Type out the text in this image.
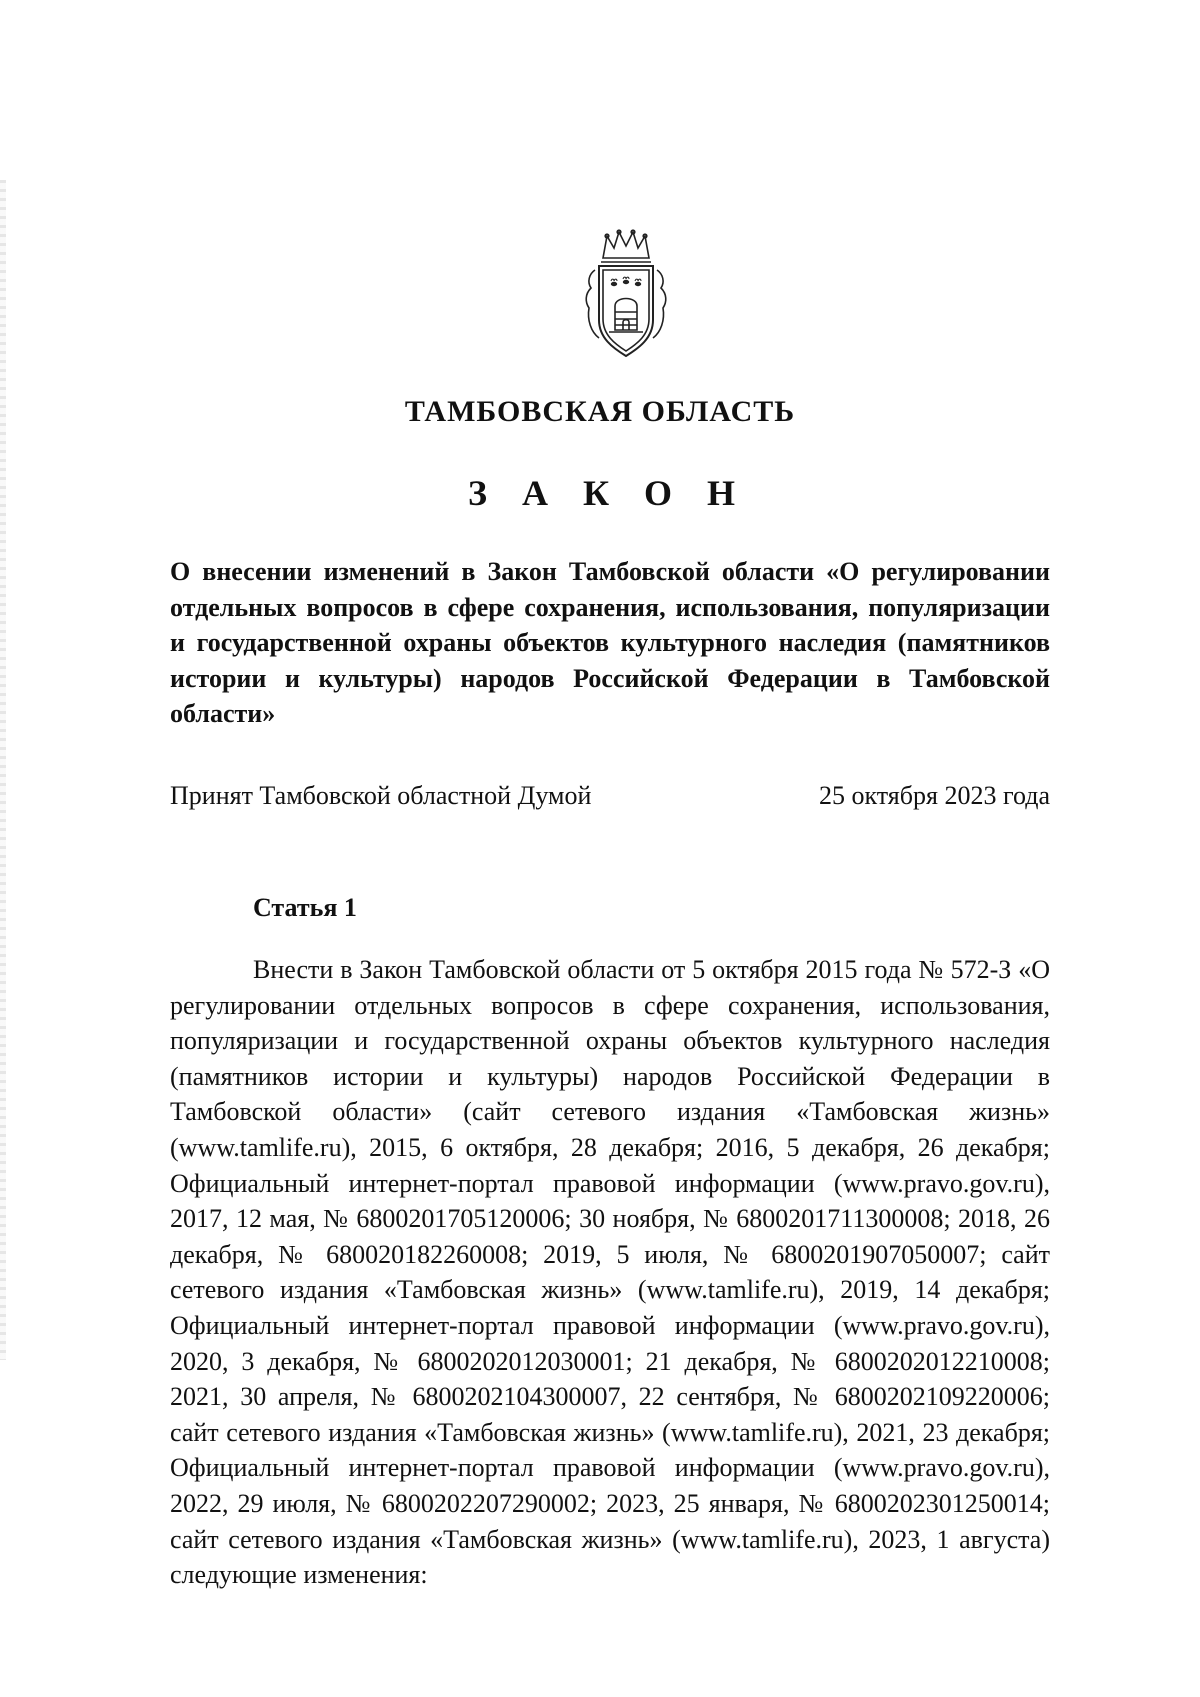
ТАМБОВСКАЯ ОБЛАСТЬ
З А К О Н

О внесении изменений в Закон Тамбовской области «О регулировании отдельных вопросов в сфере сохранения, использования, популяризации и государственной охраны объектов культурного наследия (памятников истории и культуры) народов Российской Федерации в Тамбовской области»

Принят Тамбовской областной Думой	25 октября 2023 года
Статья 1

Внести в Закон Тамбовской области от 5 октября 2015 года № 572-З «О регулировании отдельных вопросов в сфере сохранения, использования, популяризации и государственной охраны объектов культурного наследия (памятников истории и культуры) народов Российской Федерации в Тамбовской области» (сайт сетевого издания «Тамбовская жизнь» (www.tamlife.ru), 2015, 6 октября, 28 декабря; 2016, 5 декабря, 26 декабря; Официальный интернет-портал правовой информации (www.pravo.gov.ru), 2017, 12 мая, № 6800201705120006; 30 ноября, № 6800201711300008; 2018, 26 декабря, № 680020182260008; 2019, 5 июля, № 6800201907050007; сайт сетевого издания «Тамбовская жизнь» (www.tamlife.ru), 2019, 14 декабря; Официальный интернет-портал правовой информации (www.pravo.gov.ru), 2020, 3 декабря, № 6800202012030001; 21 декабря, № 6800202012210008; 2021, 30 апреля, № 6800202104300007, 22 сентября, № 6800202109220006; сайт сетевого издания «Тамбовская жизнь» (www.tamlife.ru), 2021, 23 декабря; Официальный интернет-портал правовой информации (www.pravo.gov.ru), 2022, 29 июля, № 6800202207290002; 2023, 25 января, № 6800202301250014; сайт сетевого издания «Тамбовская жизнь» (www.tamlife.ru), 2023, 1 августа) следующие изменения:
